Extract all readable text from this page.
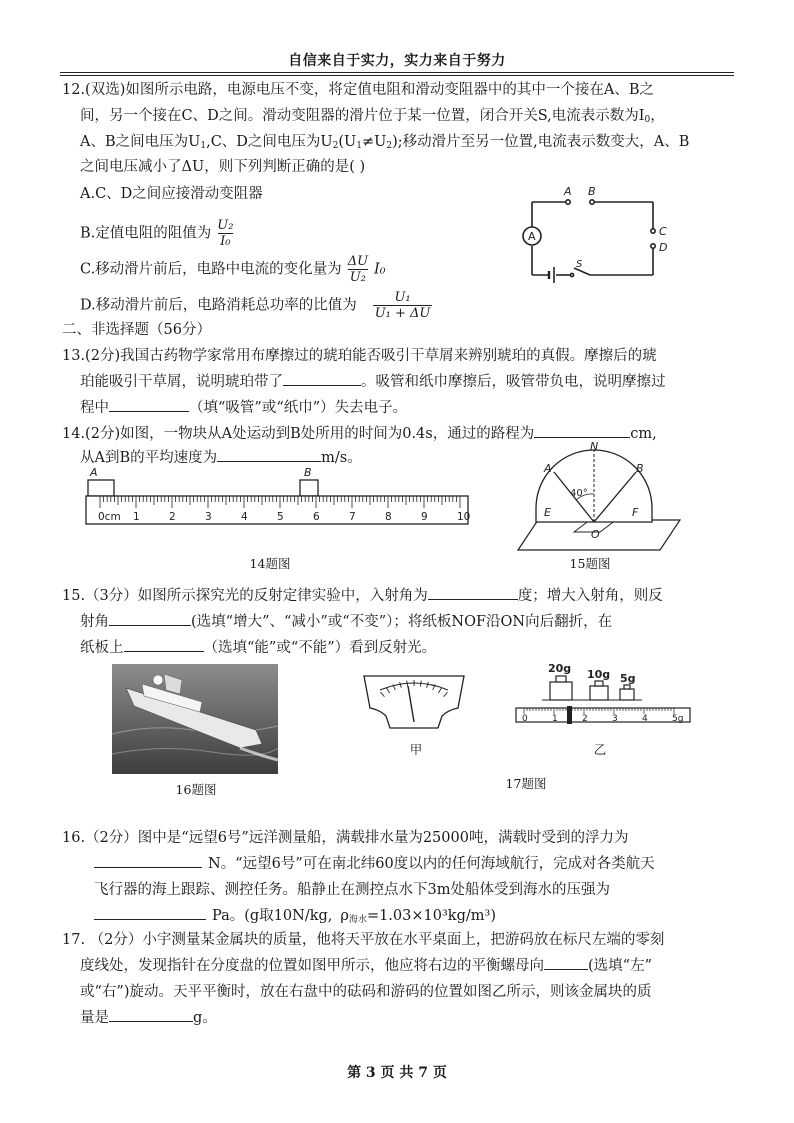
自信来自于实力，实力来自于努力
12.(双选)如图所示电路，电源电压不变，将定值电阻和滑动变阻器中的其中一个接在A、B之
间，另一个接在C、D之间。滑动变阻器的滑片位于某一位置，闭合开关S,电流表示数为$I_0$，
A、B之间电压为$U_1,C$、D之间电压为$U_2(U_1\ne U_2)$;移动滑片至另一位置,电流表示数变大，A、B
之间电压减小了ΔU，则下列判断正确的是( )
A.C、D之间应接滑动变阻器
B.定值电阻的阻值为 $\frac{\text{U₂}}{\text{I₀}}$
C.移动滑片前后，电路中电流的变化量为 $\frac{\Delta U}{\text{U₂}} I_0$
D.移动滑片前后，电路消耗总功率的比值为 $\frac{\text{U₁}}{\text{U₁ + ΔU}}$
A B
C
D
S
A
二、非选择题（56分）
13.(2分)我国古药物学家常用布摩擦过的琥珀能否吸引干草屑来辨别琥珀的真假。摩擦后的琥
珀能吸引干草屑，说明琥珀带了	。吸管和纸巾摩擦后，吸管带负电，说明摩擦过
程中	（填“吸管”或“纸巾”）失去电子。
14.(2分)如图，一物块从A处运动到B处所用的时间为0.4s，通过的路程为	cm,
从A到B的平均速度为	m/s。
A	B
0cm 1	2	3	4	5	6	7	8	9	10
14题图
N
A	B
E	F
O
40°
15题图
15.（3分）如图所示探究光的反射定律实验中，入射角为	度；增大入射角，则反
射角	(选填“增大”、“减小”或“不变”）；将纸板NOF沿ON向后翻折，在
纸板上	（选填“能”或“不能”）看到反射光。
16题图
甲
20g 10g 5g
0	1	2	3	4	5g
乙
17题图
16.（2分）图中是“远望6号”远洋测量船，满载排水量为25000吨，满载时受到的浮力为
N。“远望6号”可在南北纬60度以内的任何海域航行，完成对各类航天
飞行器的海上跟踪、测控任务。船静止在测控点水下3m处船体受到海水的压强为
Pa。(g取10N/kg, $\rho_{海水}=1.03\times 10^3kg/m^3$)
17. （2分）小宇测量某金属块的质量，他将天平放在水平桌面上，把游码放在标尺左端的零刻
度线处，发现指针在分度盘的位置如图甲所示，他应将右边的平衡螺母向	(选填“左”
或“右”)旋动。天平平衡时，放在右盘中的砝码和游码的位置如图乙所示，则该金属块的质
量是	g。
第 3 页 共 7 页
